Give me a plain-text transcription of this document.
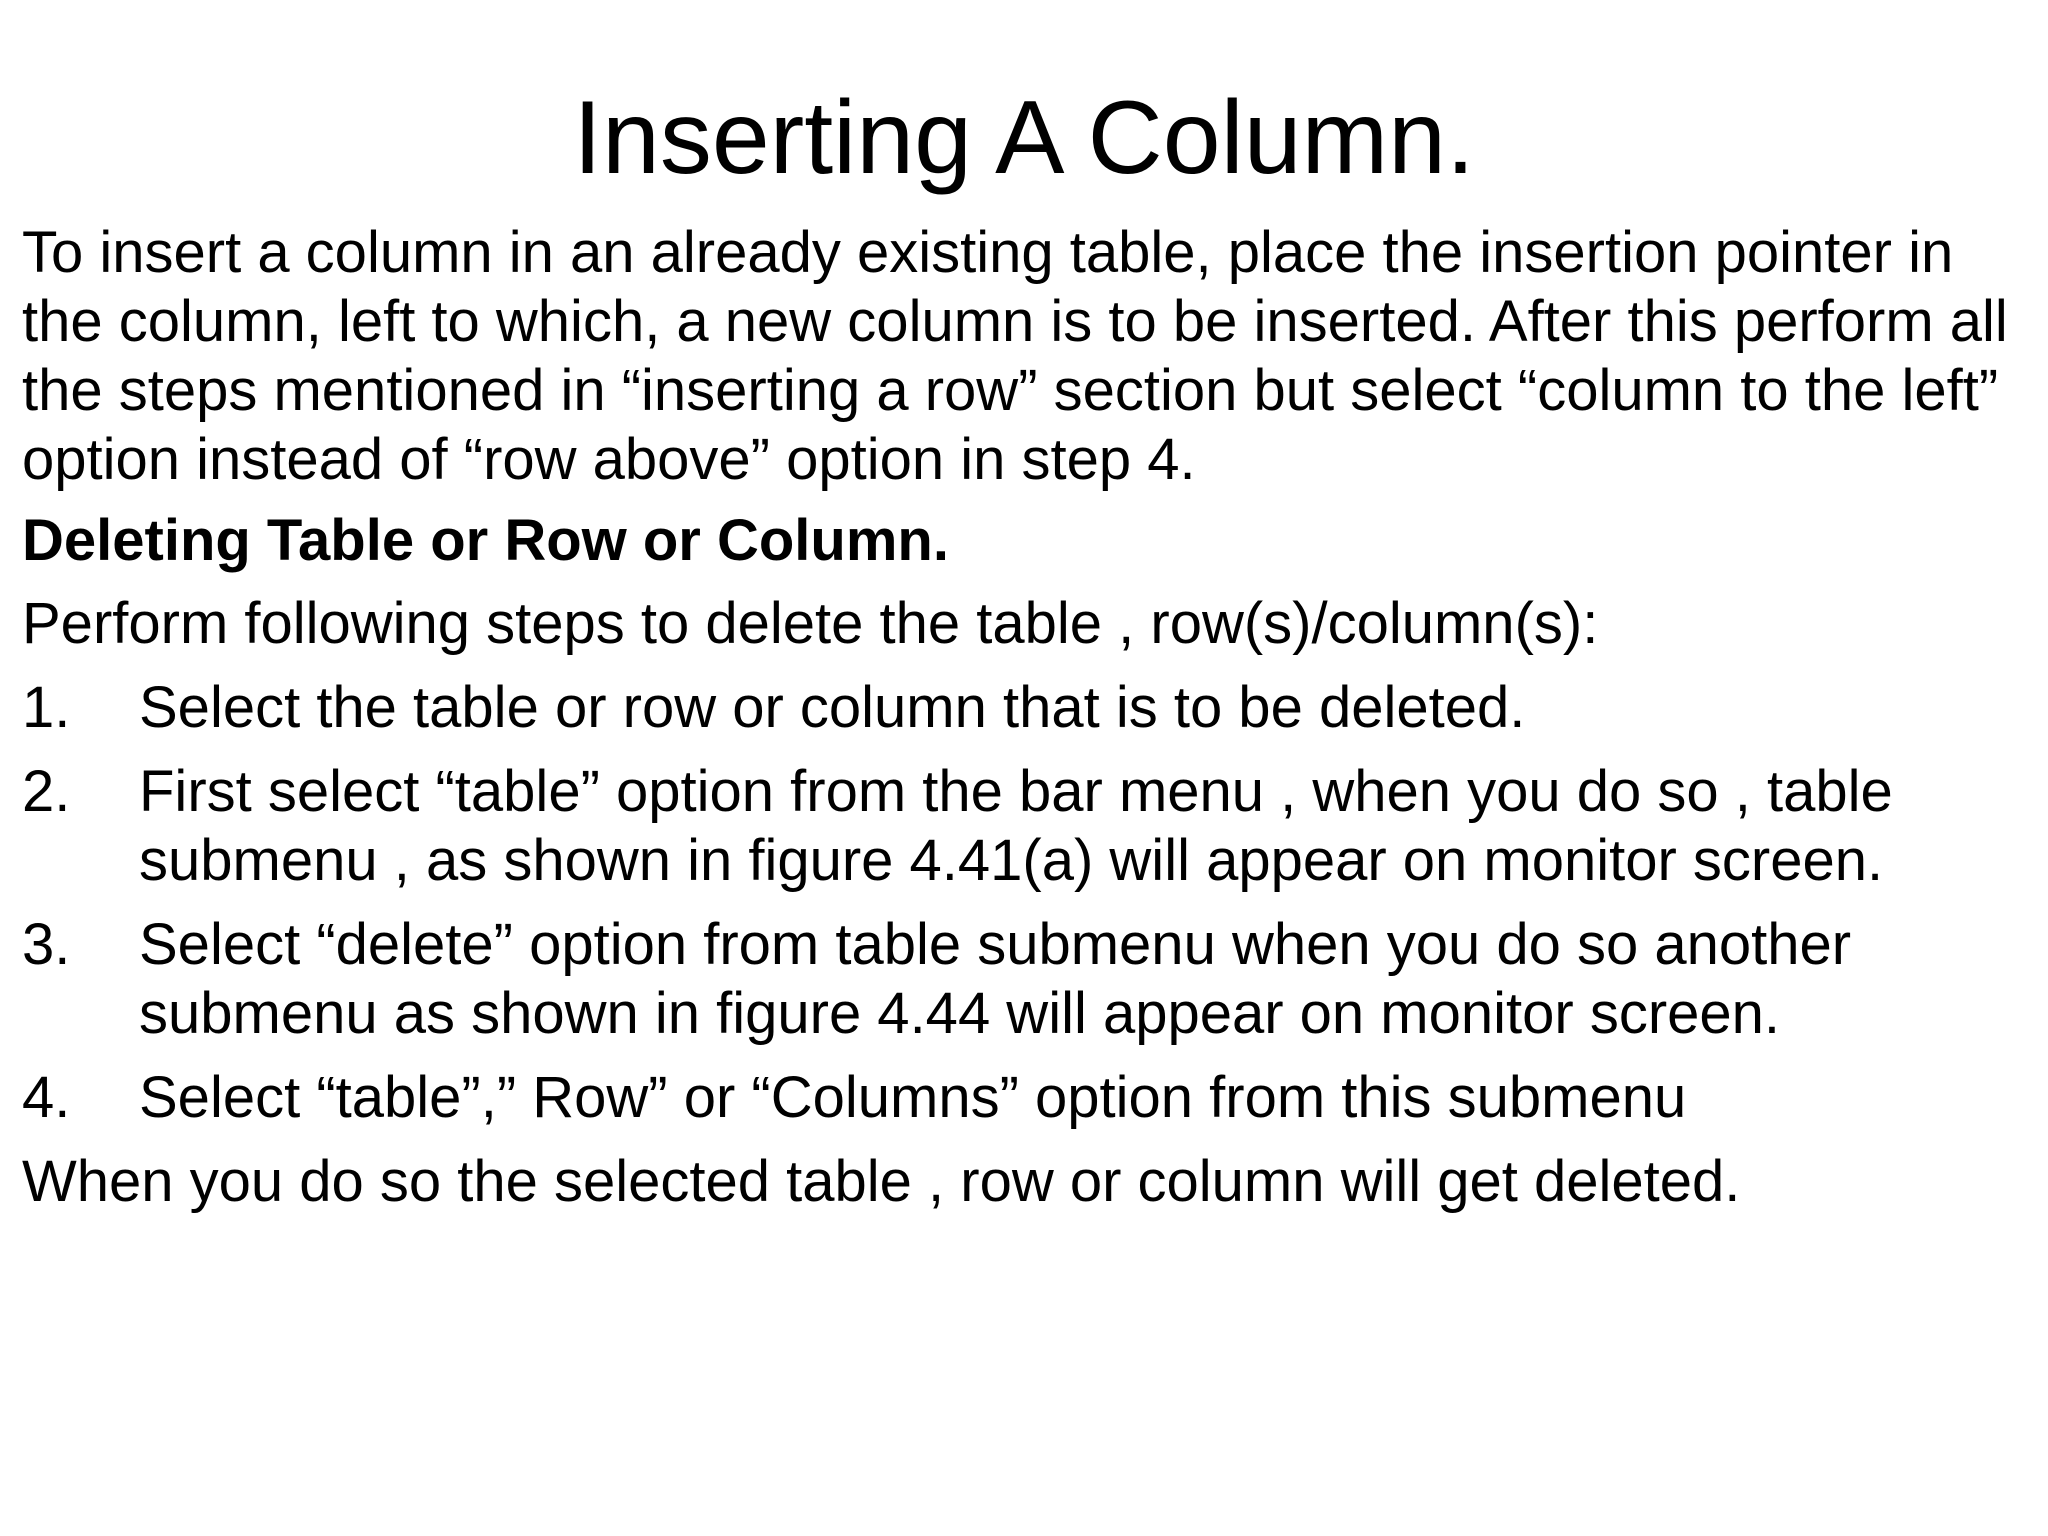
Inserting A Column.

To insert a column in an already existing table, place the insertion pointer in the column, left to which, a new column is to be inserted. After this perform all the steps mentioned in “inserting a row” section but select “column to the left” option instead of “row above” option in step 4.

Deleting Table or Row or Column.

Perform following steps to delete the table , row(s)/column(s):

1.	Select the table or row or column that is to be deleted.
2.	First select “table” option from the bar menu , when you do so , table submenu , as shown in figure 4.41(a) will appear on monitor screen.
3.	Select “delete” option from table submenu when you do so another submenu as shown in figure 4.44 will appear on monitor screen.
4.	Select “table”,” Row” or “Columns” option from this submenu

When you do so the selected table , row or column will get deleted.
